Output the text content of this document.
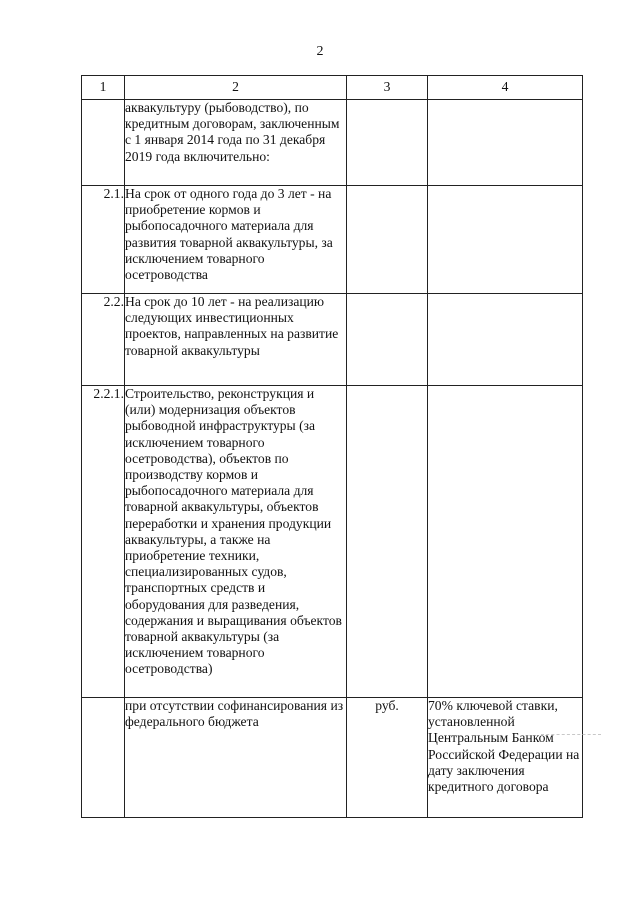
2
1	2	3	4
	аквакультуру (рыбоводство), по кредитным договорам, заключенным с 1 января 2014 года по 31 декабря 2019 года включительно:		
2.1.	На срок от одного года до 3 лет - на приобретение кормов и рыбопосадочного материала для развития товарной аквакультуры, за исключением товарного осетроводства		
2.2.	На срок до 10 лет - на реализацию следующих инвестиционных проектов, направленных на развитие товарной аквакультуры		
2.2.1.	Строительство, реконструкция и (или) модернизация объектов рыбоводной инфраструктуры (за исключением товарного осетроводства), объектов по производству кормов и рыбопосадочного материала для товарной аквакультуры, объектов переработки и хранения продукции аквакультуры, а также на приобретение техники, специализированных судов, транспортных средств и оборудования для разведения, содержания и выращивания объектов товарной аквакультуры (за исключением товарного осетроводства)		
	при отсутствии софинансирования из федерального бюджета	руб.	70% ключевой ставки, установленной Центральным Банком Российской Федерации на дату заключения кредитного договора
